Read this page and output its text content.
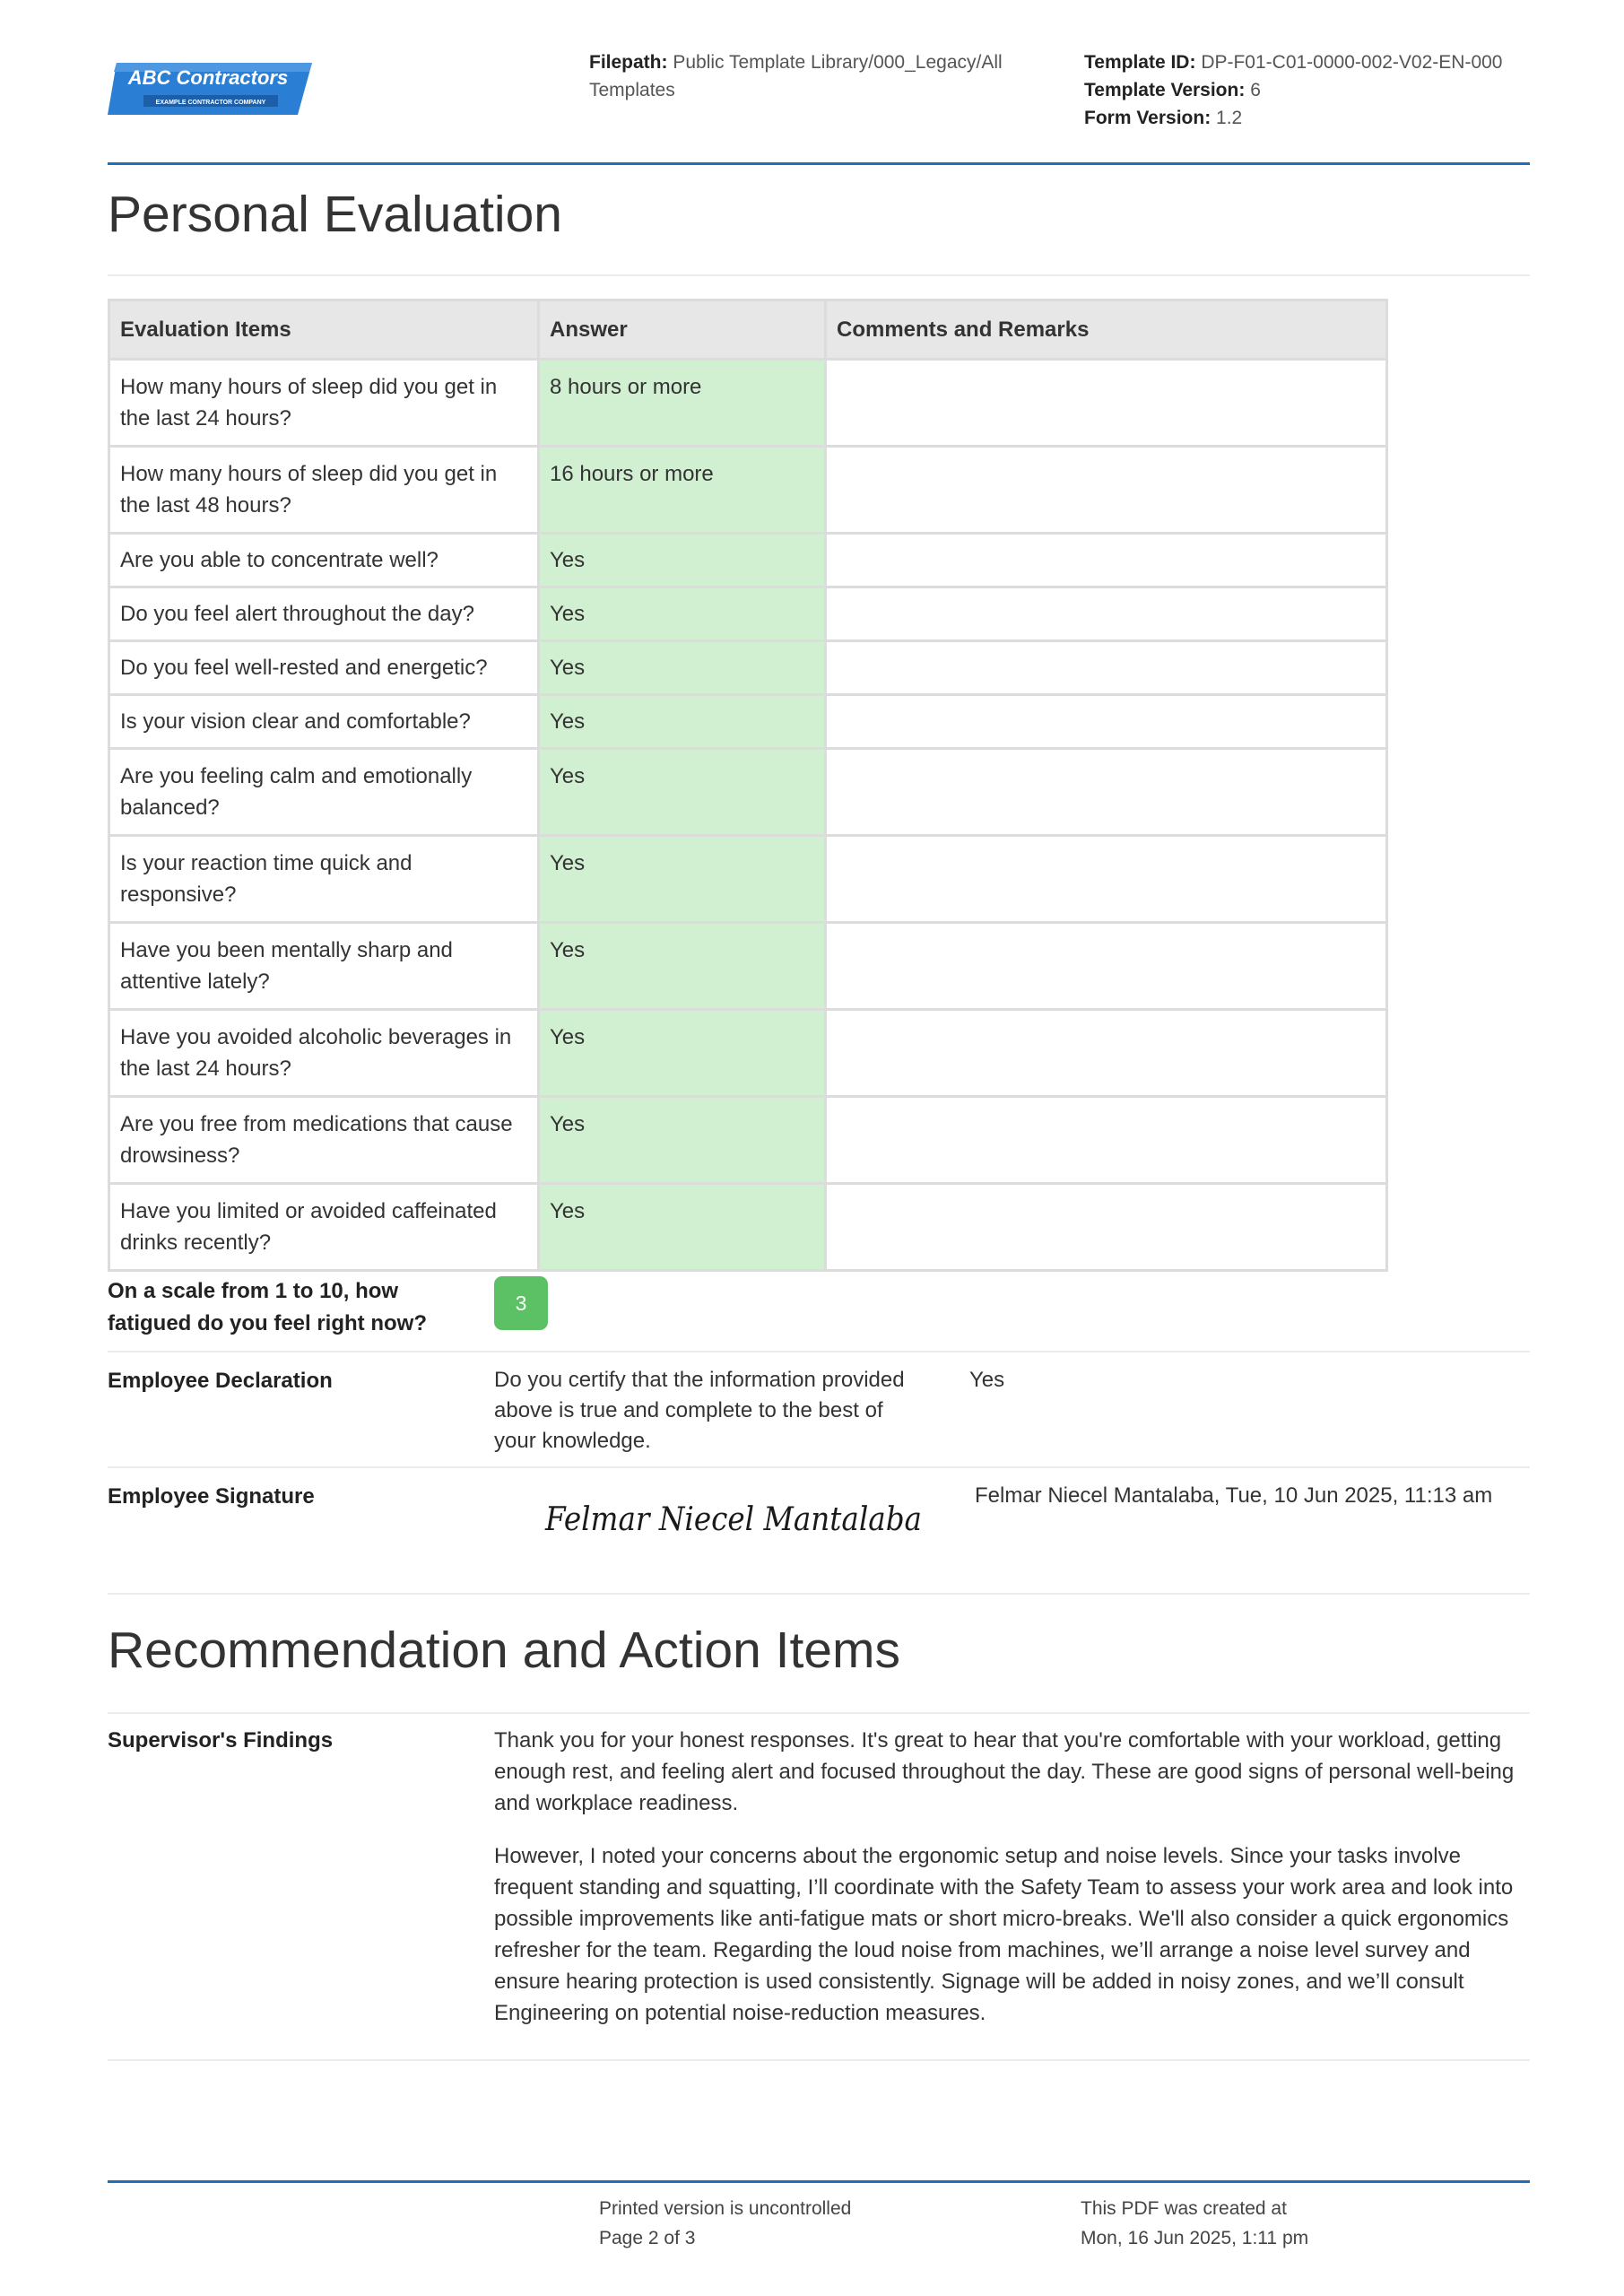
ABC Contractors
EXAMPLE CONTRACTOR COMPANY
Filepath: Public Template Library/000_Legacy/All Templates
Template ID: DP-F01-C01-0000-002-V02-EN-000
Template Version: 6
Form Version: 1.2
Personal Evaluation
Evaluation Items	Answer	Comments and Remarks
How many hours of sleep did you get in the last 24 hours?	8 hours or more	
How many hours of sleep did you get in the last 48 hours?	16 hours or more	
Are you able to concentrate well?	Yes	
Do you feel alert throughout the day?	Yes	
Do you feel well-rested and energetic?	Yes	
Is your vision clear and comfortable?	Yes	
Are you feeling calm and emotionally balanced?	Yes	
Is your reaction time quick and responsive?	Yes	
Have you been mentally sharp and attentive lately?	Yes	
Have you avoided alcoholic beverages in the last 24 hours?	Yes	
Are you free from medications that cause drowsiness?	Yes	
Have you limited or avoided caffeinated drinks recently?	Yes	
On a scale from 1 to 10, how fatigued do you feel right now?
3
Employee Declaration	Do you certify that the information provided above is true and complete to the best of your knowledge.
Yes
Employee Signature
Felmar Niecel Mantalaba
Felmar Niecel Mantalaba, Tue, 10 Jun 2025, 11:13 am
Recommendation and Action Items
Supervisor's Findings	Thank you for your honest responses. It's great to hear that you're comfortable with your workload, getting enough rest, and feeling alert and focused throughout the day. These are good signs of personal well-being and workplace readiness.

However, I noted your concerns about the ergonomic setup and noise levels. Since your tasks involve frequent standing and squatting, I’ll coordinate with the Safety Team to assess your work area and look into possible improvements like anti-fatigue mats or short micro-breaks. We'll also consider a quick ergonomics refresher for the team. Regarding the loud noise from machines, we’ll arrange a noise level survey and ensure hearing protection is used consistently. Signage will be added in noisy zones, and we’ll consult Engineering on potential noise-reduction measures.

Printed version is uncontrolled
Page 2 of 3
This PDF was created at
Mon, 16 Jun 2025, 1:11 pm
